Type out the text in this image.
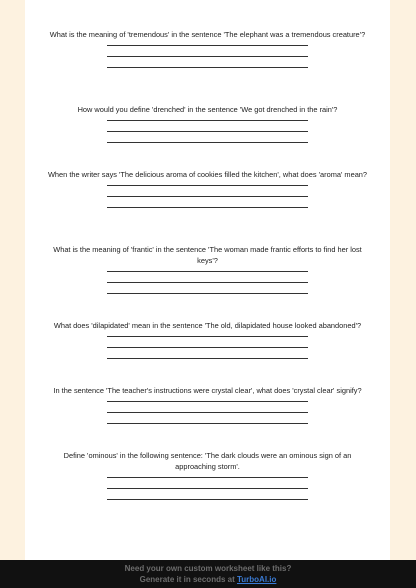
What is the meaning of 'tremendous' in the sentence 'The elephant was a tremendous creature'?
How would you define 'drenched' in the sentence 'We got drenched in the rain'?
When the writer says 'The delicious aroma of cookies filled the kitchen', what does 'aroma' mean?
What is the meaning of 'frantic' in the sentence 'The woman made frantic efforts to find her lost keys'?
What does 'dilapidated' mean in the sentence 'The old, dilapidated house looked abandoned'?
In the sentence 'The teacher's instructions were crystal clear', what does 'crystal clear' signify?
Define 'ominous' in the following sentence: 'The dark clouds were an ominous sign of an approaching storm'.
Need your own custom worksheet like this?
Generate it in seconds at TurboAI.io
